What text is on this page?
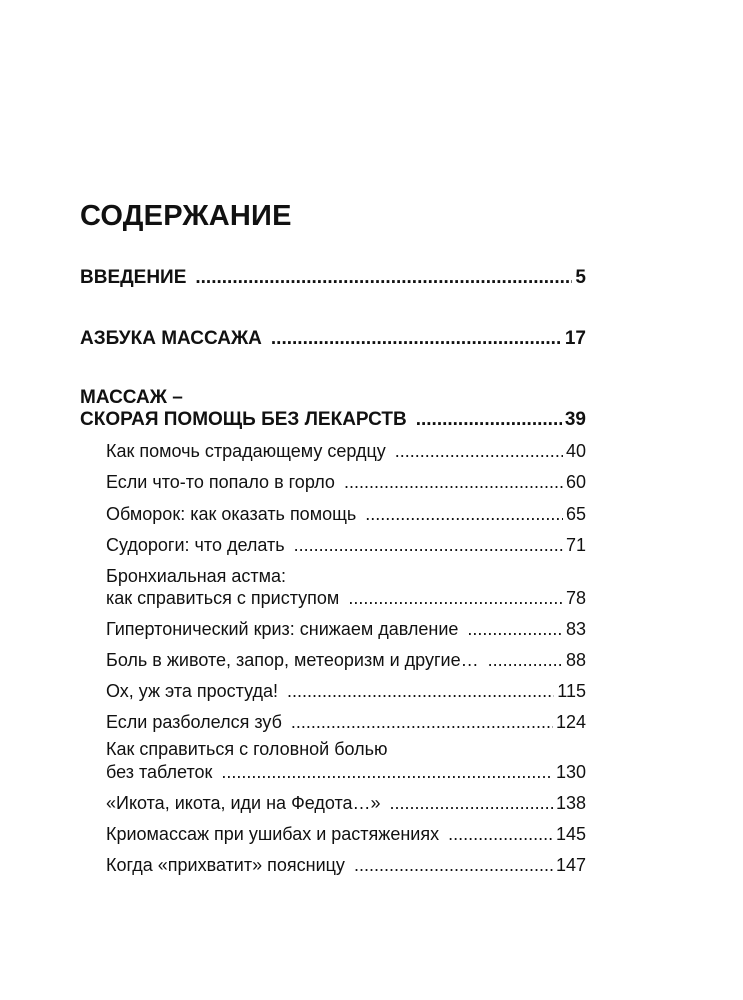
СОДЕРЖАНИЕ
ВВЕДЕНИЕ .....	5
АЗБУКА МАССАЖА .....	17
МАССАЖ –
СКОРАЯ ПОМОЩЬ БЕЗ ЛЕКАРСТВ .....	39
Как помочь страдающему сердцу .....	40
Если что-то попало в горло .....	60
Обморок: как оказать помощь .....	65
Судороги: что делать .....	71
Бронхиальная астма:
как справиться с приступом .....	78
Гипертонический криз: снижаем давление .....	83
Боль в животе, запор, метеоризм и другие… .....	88
Ох, уж эта простуда! .....	115
Если разболелся зуб .....	124
Как справиться с головной болью
без таблеток .....	130
«Икота, икота, иди на Федота…» .....	138
Криомассаж при ушибах и растяжениях .....	145
Когда «прихватит» поясницу .....	147
